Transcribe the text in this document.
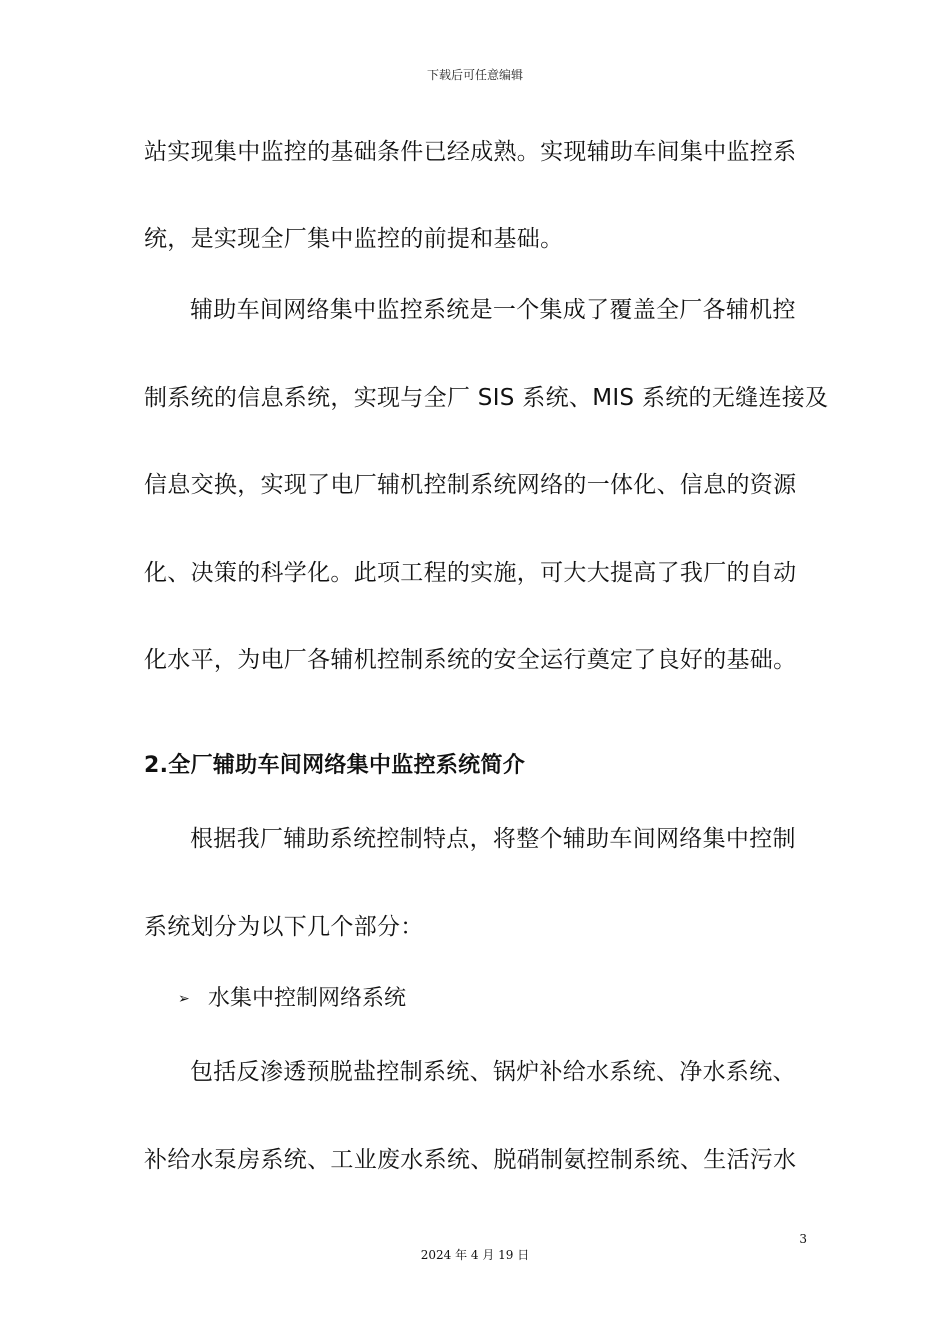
下载后可任意编辑
站实现集中监控的基础条件已经成熟。实现辅助车间集中监控系
统，是实现全厂集中监控的前提和基础。
辅助车间网络集中监控系统是一个集成了覆盖全厂各辅机控
制系统的信息系统，实现与全厂 SIS 系统、MIS 系统的无缝连接及
信息交换，实现了电厂辅机控制系统网络的一体化、信息的资源
化、决策的科学化。此项工程的实施，可大大提高了我厂的自动
化水平，为电厂各辅机控制系统的安全运行奠定了良好的基础。
2.全厂辅助车间网络集中监控系统简介
根据我厂辅助系统控制特点，将整个辅助车间网络集中控制
系统划分为以下几个部分：
➢ 水集中控制网络系统
包括反渗透预脱盐控制系统、锅炉补给水系统、净水系统、
补给水泵房系统、工业废水系统、脱硝制氨控制系统、生活污水
3
2024 年 4 月 19 日
